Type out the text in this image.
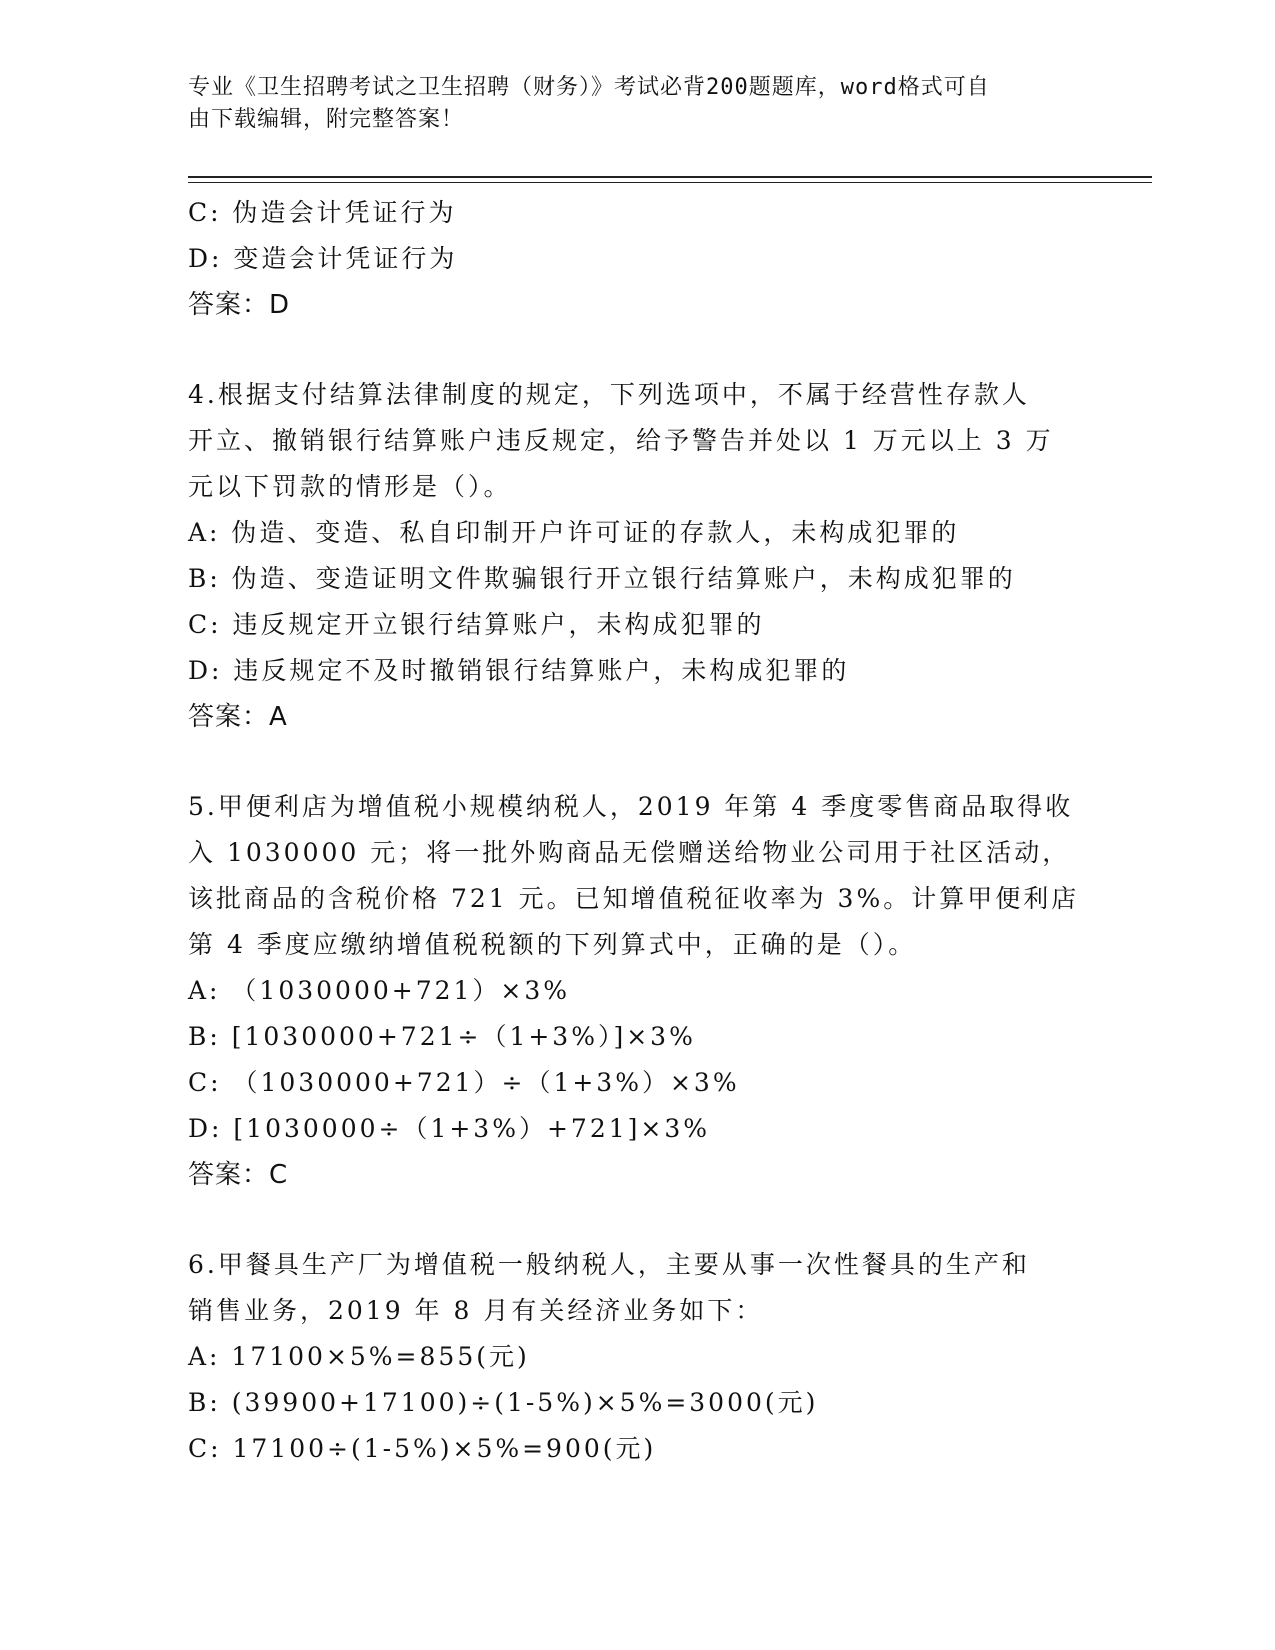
专业《卫生招聘考试之卫生招聘（财务）》考试必背200题题库，word格式可自
由下载编辑，附完整答案！
C: 伪造会计凭证行为
D: 变造会计凭证行为
答案：D
4.根据支付结算法律制度的规定，下列选项中，不属于经营性存款人
开立、撤销银行结算账户违反规定，给予警告并处以 1 万元以上 3 万
元以下罚款的情形是（）。
A: 伪造、变造、私自印制开户许可证的存款人，未构成犯罪的
B: 伪造、变造证明文件欺骗银行开立银行结算账户，未构成犯罪的
C: 违反规定开立银行结算账户，未构成犯罪的
D: 违反规定不及时撤销银行结算账户，未构成犯罪的
答案：A
5.甲便利店为增值税小规模纳税人，2019 年第 4 季度零售商品取得收
入 1030000 元；将一批外购商品无偿赠送给物业公司用于社区活动，
该批商品的含税价格 721 元。已知增值税征收率为 3%。计算甲便利店
第 4 季度应缴纳增值税税额的下列算式中，正确的是（）。
A: （1030000+721）×3%
B: [1030000+721÷（1+3%）]×3%
C: （1030000+721）÷（1+3%）×3%
D: [1030000÷（1+3%）+721]×3%
答案：C
6.甲餐具生产厂为增值税一般纳税人，主要从事一次性餐具的生产和
销售业务，2019 年 8 月有关经济业务如下：
A: 17100×5%=855(元)
B: (39900+17100)÷(1-5%)×5%=3000(元)
C: 17100÷(1-5%)×5%=900(元)
